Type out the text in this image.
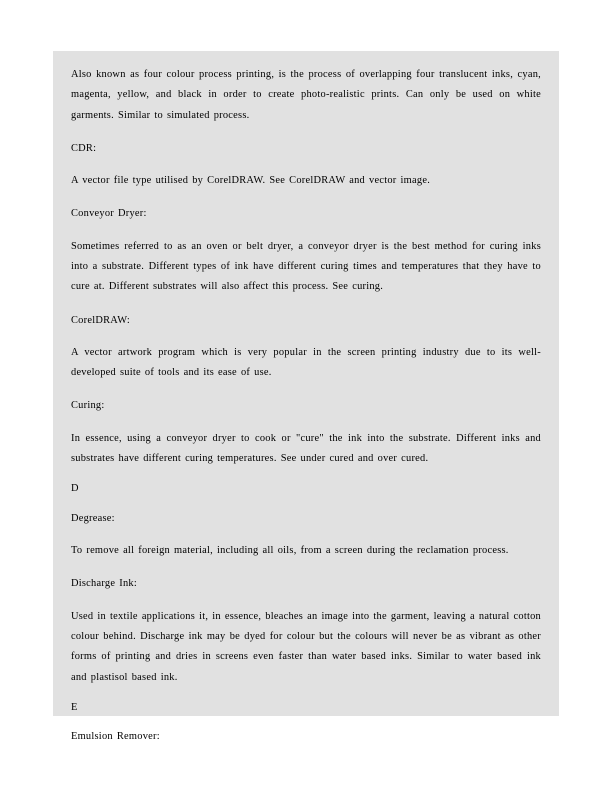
Also known as four colour process printing, is the process of overlapping four translucent inks, cyan, magenta, yellow, and black in order to create photo-realistic prints. Can only be used on white garments. Similar to simulated process.

CDR:

A vector file type utilised by CorelDRAW. See CorelDRAW and vector image.

Conveyor Dryer:

Sometimes referred to as an oven or belt dryer, a conveyor dryer is the best method for curing inks into a substrate. Different types of ink have different curing times and temperatures that they have to cure at. Different substrates will also affect this process. See curing.

CorelDRAW:

A vector artwork program which is very popular in the screen printing industry due to its well-developed suite of tools and its ease of use.

Curing:

In essence, using a conveyor dryer to cook or "cure" the ink into the substrate. Different inks and substrates have different curing temperatures. See under cured and over cured.

D

Degrease:

To remove all foreign material, including all oils, from a screen during the reclamation process.

Discharge Ink:

Used in textile applications it, in essence, bleaches an image into the garment, leaving a natural cotton colour behind. Discharge ink may be dyed for colour but the colours will never be as vibrant as other forms of printing and dries in screens even faster than water based inks. Similar to water based ink and plastisol based ink.

E

Emulsion Remover:
